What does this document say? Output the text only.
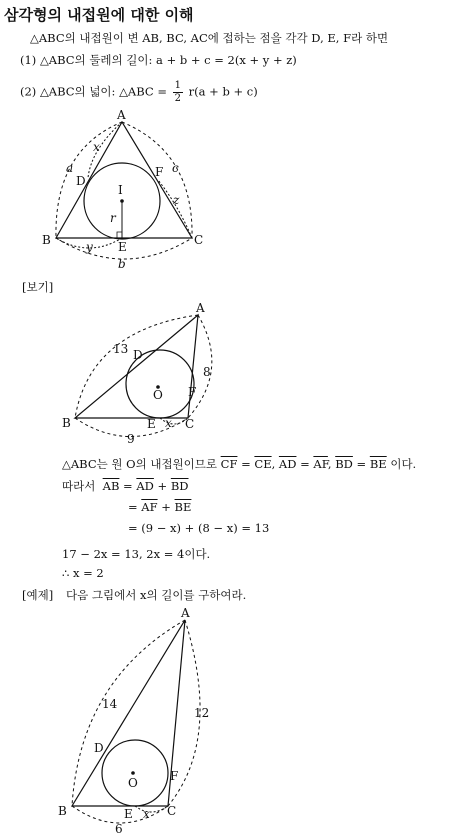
삼각형의 내접원에 대한 이해
△ABC의 내접원이 변 AB, BC, AC에 접하는 점을 각각 D, E, F라 하면
(1) △ABC의 둘레의 길이: a + b + c = 2(x + y + z)
(2) △ABC의 넓이: △ABC = $\frac{1}{2} r(a + b + c)$
A
B	C
D
E
F
I
a
b
c
x
y
z
r
A
B	C
D
E
F
O
13
8
9
x
A
B	C
D
E
F
O
14
12
6
x
[보기]
△ABC는 원 O의 내접원이므로 $\overline{CF} = \overline{CE}$, $\overline{AD} = \overline{AF}$, $\overline{BD} = \overline{BE}$ 이다.
따라서 $\overline{AB} = \overline{AD} + \overline{BD}$
= $\overline{AF} + \overline{BE}$
= (9 − x) + (8 − x) = 13
17 − 2x = 13, 2x = 4이다.
∴ x = 2
[예제] 다음 그림에서 x의 길이를 구하여라.
